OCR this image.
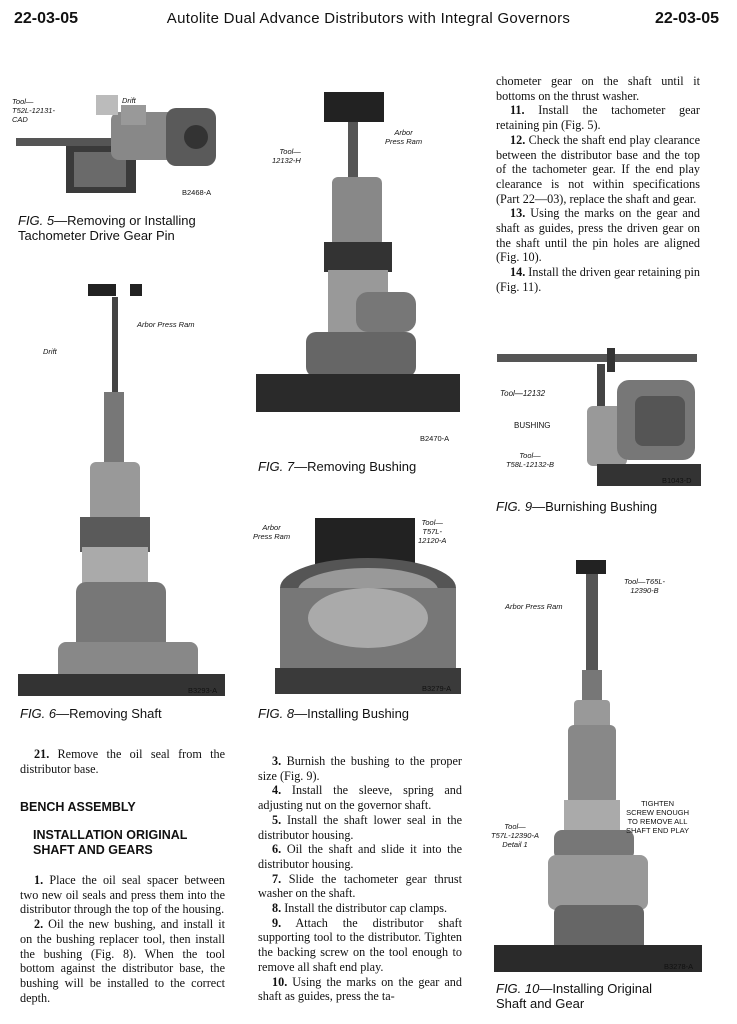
22-03-05	Autolite Dual Advance Distributors with Integral Governors	22-03-05
Tool—
T52L-12131-
CAD
Drift
B2468-A
FIG. 5—Removing or Installing
Tachometer Drive Gear Pin
Arbor Press Ram
Drift
B3293-A
FIG. 6—Removing Shaft
Arbor
Press Ram
Tool—
12132-H
B2470-A
FIG. 7—Removing Bushing
Arbor
Press Ram
Tool—
T57L-
12120-A
B3279-A
FIG. 8—Installing Bushing
Tool—12132
BUSHING
Tool—
T58L-12132-B
B1043-D
FIG. 9—Burnishing Bushing
Tool—T65L-
12390-B
Arbor Press Ram
Tool—
T57L-12390-A
Detail 1
TIGHTEN
SCREW ENOUGH
TO REMOVE ALL
SHAFT END PLAY
B3278-A
FIG. 10—Installing Original
Shaft and Gear

21. Remove the oil seal from the distributor base.

BENCH ASSEMBLY
INSTALLATION ORIGINAL
SHAFT AND GEARS

1. Place the oil seal spacer between two new oil seals and press them into the distributor through the top of the housing.

2. Oil the new bushing, and install it on the bushing replacer tool, then install the bushing (Fig. 8). When the tool bottom against the distributor base, the bushing will be installed to the correct depth.

3. Burnish the bushing to the proper size (Fig. 9).

4. Install the sleeve, spring and adjusting nut on the governor shaft.

5. Install the shaft lower seal in the distributor housing.

6. Oil the shaft and slide it into the distributor housing.

7. Slide the tachometer gear thrust washer on the shaft.

8. Install the distributor cap clamps.

9. Attach the distributor shaft supporting tool to the distributor. Tighten the backing screw on the tool enough to remove all shaft end play.

10. Using the marks on the gear and shaft as guides, press the ta-

chometer gear on the shaft until it bottoms on the thrust washer.

11. Install the tachometer gear retaining pin (Fig. 5).

12. Check the shaft end play clearance between the distributor base and the top of the tachometer gear. If the end play clearance is not within specifications (Part 22—03), replace the shaft and gear.

13. Using the marks on the gear and shaft as guides, press the driven gear on the shaft until the pin holes are aligned (Fig. 10).

14. Install the driven gear retaining pin (Fig. 11).
